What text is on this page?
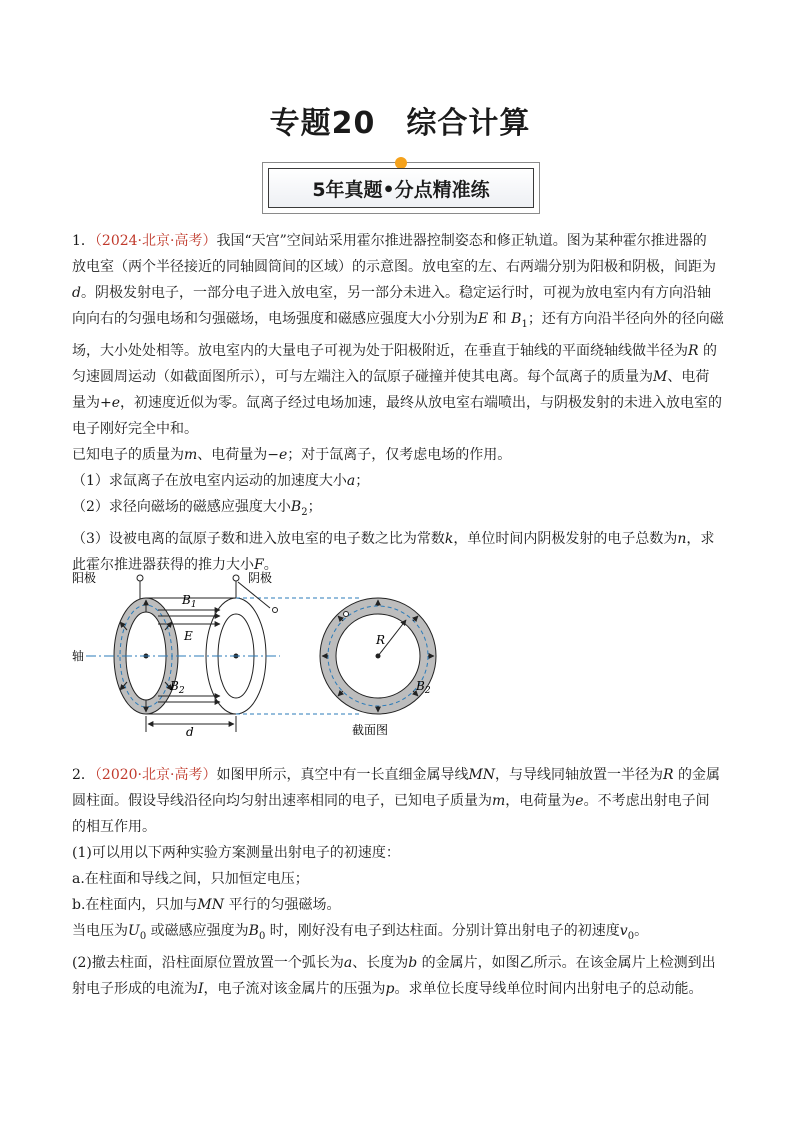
专题20　综合计算
5年真题•分点精准练
1．（2024·北京·高考）我国“天宫”空间站采用霍尔推进器控制姿态和修正轨道。图为某种霍尔推进器的
放电室（两个半径接近的同轴圆筒间的区域）的示意图。放电室的左、右两端分别为阳极和阴极，间距为
d。阴极发射电子，一部分电子进入放电室，另一部分未进入。稳定运行时，可视为放电室内有方向沿轴
向向右的匀强电场和匀强磁场，电场强度和磁感应强度大小分别为E 和 $B_1$；还有方向沿半径向外的径向磁
场，大小处处相等。放电室内的大量电子可视为处于阳极附近，在垂直于轴线的平面绕轴线做半径为R 的
匀速圆周运动（如截面图所示），可与左端注入的氙原子碰撞并使其电离。每个氙离子的质量为M、电荷
量为+e，初速度近似为零。氙离子经过电场加速，最终从放电室右端喷出，与阴极发射的未进入放电室的
电子刚好完全中和。
已知电子的质量为m、电荷量为−e；对于氙离子，仅考虑电场的作用。
（1）求氙离子在放电室内运动的加速度大小a；
（2）求径向磁场的磁感应强度大小$B_2$；
（3）设被电离的氙原子数和进入放电室的电子数之比为常数k，单位时间内阴极发射的电子总数为n，求
此霍尔推进器获得的推力大小F。
阳极	阴极
$B_1$
E
$B_2$
轴
d
R
$B_2$
截面图
2．（2020·北京·高考）如图甲所示，真空中有一长直细金属导线MN，与导线同轴放置一半径为R 的金属
圆柱面。假设导线沿径向均匀射出速率相同的电子，已知电子质量为m，电荷量为e。不考虑出射电子间
的相互作用。
(1)可以用以下两种实验方案测量出射电子的初速度：
a.在柱面和导线之间，只加恒定电压；
b.在柱面内，只加与MN 平行的匀强磁场。
当电压为$U_0$ 或磁感应强度为$B_0$ 时，刚好没有电子到达柱面。分别计算出射电子的初速度$v_0$。
(2)撤去柱面，沿柱面原位置放置一个弧长为a、长度为b 的金属片，如图乙所示。在该金属片上检测到出
射电子形成的电流为I，电子流对该金属片的压强为p。求单位长度导线单位时间内出射电子的总动能。
